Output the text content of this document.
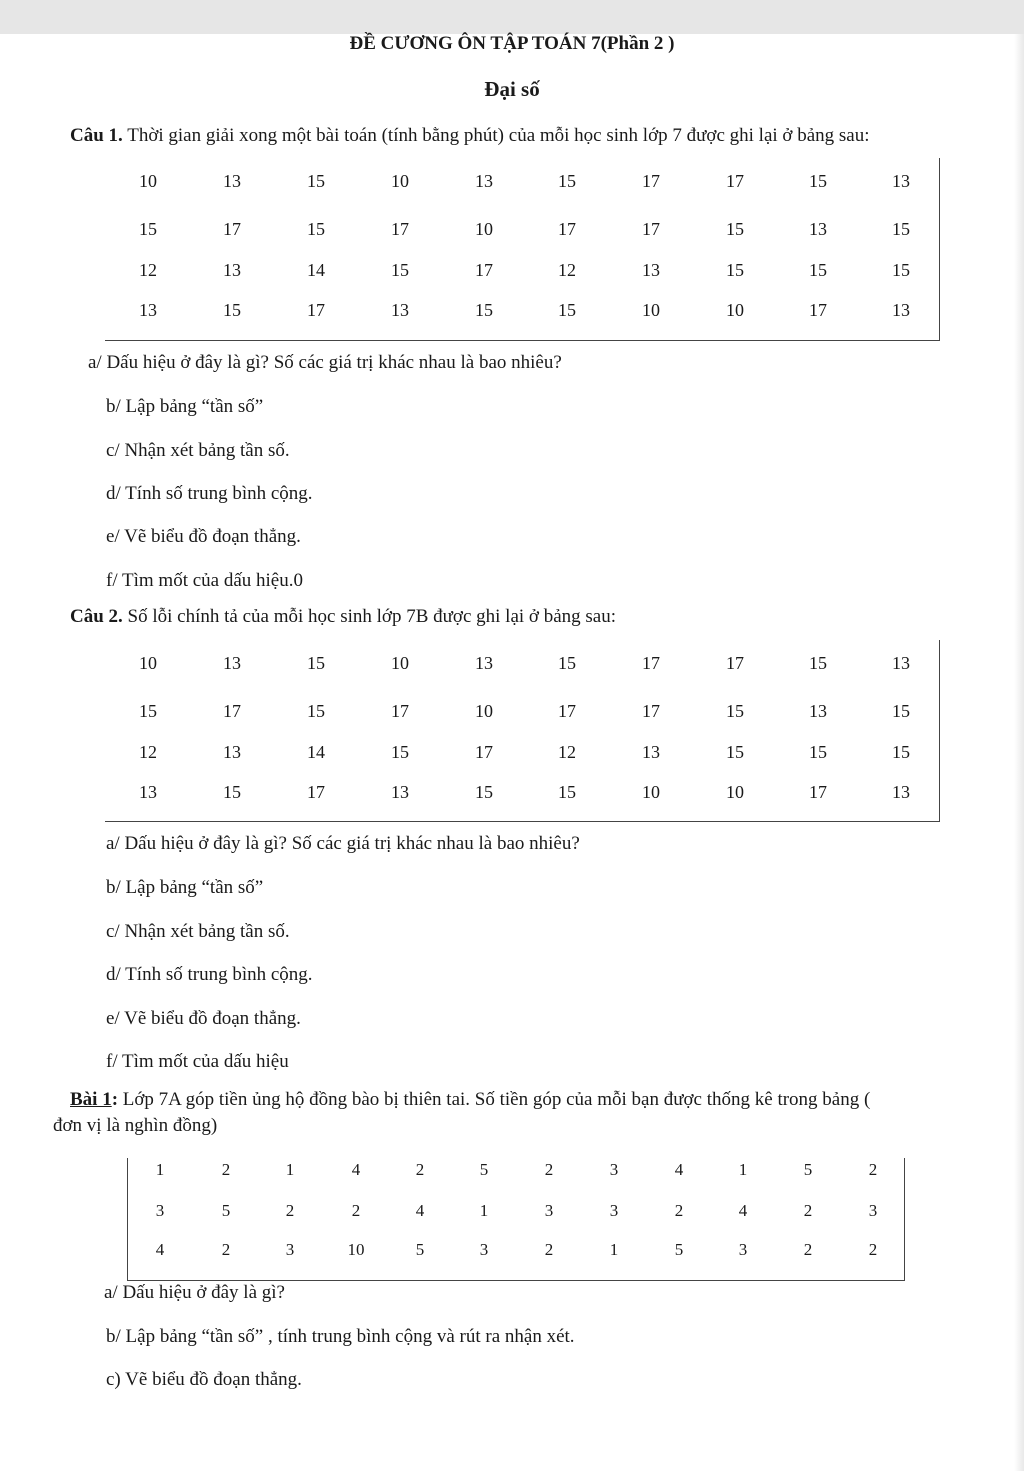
ĐỀ CƯƠNG ÔN TẬP TOÁN 7(Phần 2 )
Đại số
Câu 1. Thời gian giải xong một bài toán (tính bằng phút) của mỗi học sinh lớp 7 được ghi lại ở bảng sau:
10	13	15	10	13	15	17	17	15	13
15	17	15	17	10	17	17	15	13	15
12	13	14	15	17	12	13	15	15	15
13	15	17	13	15	15	10	10	17	13
a/ Dấu hiệu ở đây là gì? Số các giá trị khác nhau là bao nhiêu?
b/ Lập bảng “tần số”
c/ Nhận xét bảng tần số.
d/ Tính số trung bình cộng.
e/ Vẽ biểu đồ đoạn thẳng.
f/ Tìm mốt của dấu hiệu.0
Câu 2. Số lỗi chính tả của mỗi học sinh lớp 7B được ghi lại ở bảng sau:
10	13	15	10	13	15	17	17	15	13
15	17	15	17	10	17	17	15	13	15
12	13	14	15	17	12	13	15	15	15
13	15	17	13	15	15	10	10	17	13
a/ Dấu hiệu ở đây là gì? Số các giá trị khác nhau là bao nhiêu?
b/ Lập bảng “tần số”
c/ Nhận xét bảng tần số.
d/ Tính số trung bình cộng.
e/ Vẽ biểu đồ đoạn thẳng.
f/ Tìm mốt của dấu hiệu
Bài 1: Lớp 7A góp tiền ủng hộ đồng bào bị thiên tai. Số tiền góp của mỗi bạn được thống kê trong bảng (
đơn vị là nghìn đồng)
1	2	1	4	2	5	2	3	4	1	5	2
3	5	2	2	4	1	3	3	2	4	2	3
4	2	3	10	5	3	2	1	5	3	2	2
a/ Dấu hiệu ở đây là gì?
b/ Lập bảng “tần số” , tính trung bình cộng và rút ra nhận xét.
c) Vẽ biểu đồ đoạn thẳng.
